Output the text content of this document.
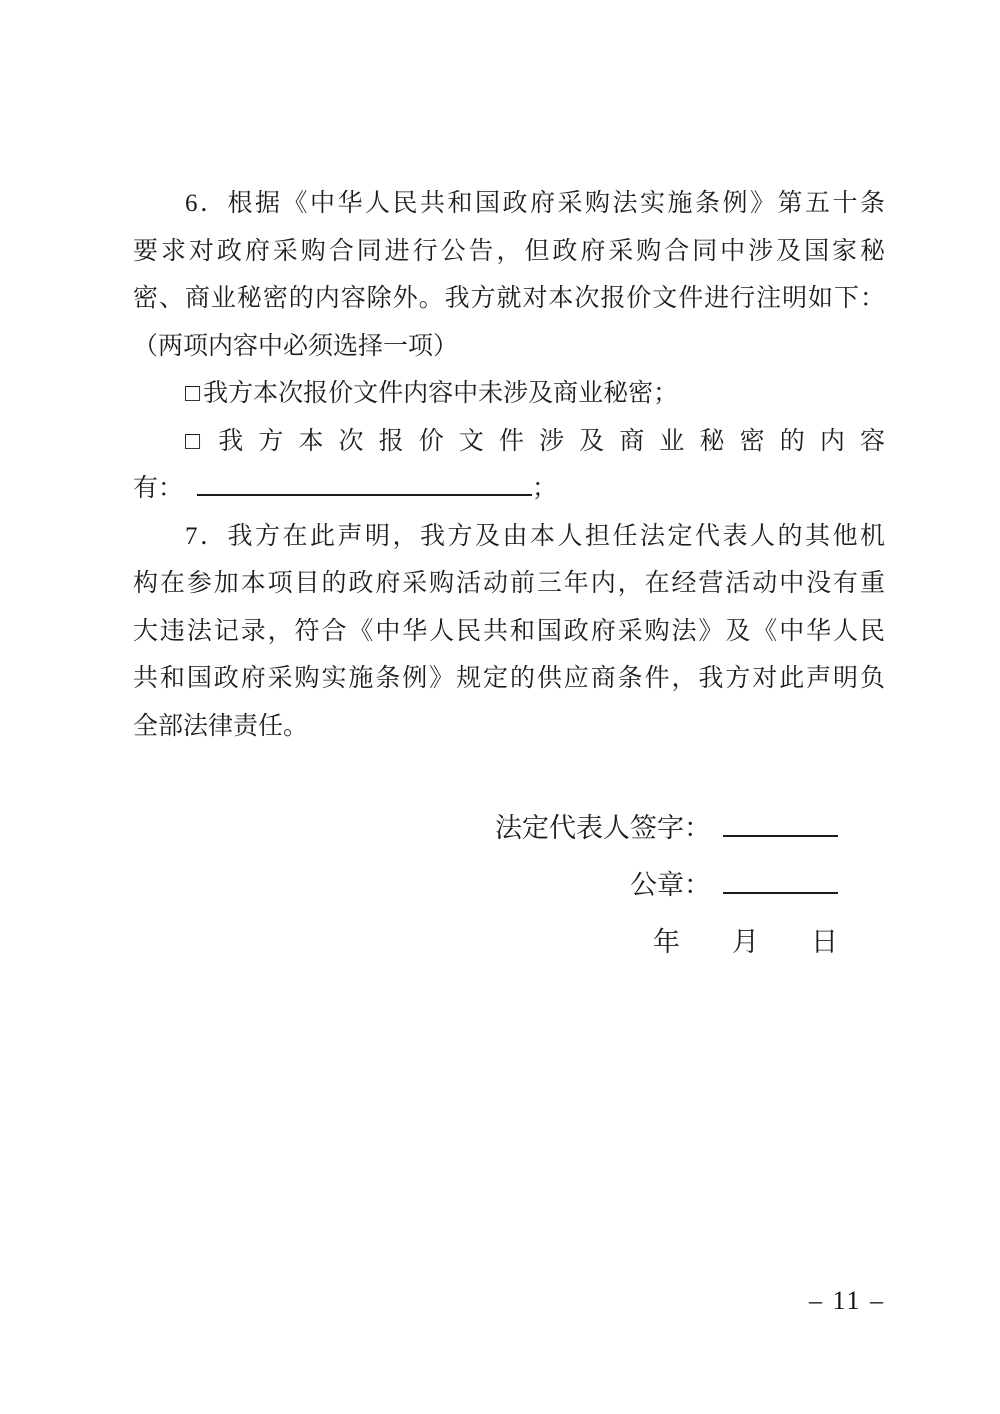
6．根据《中华人民共和国政府采购法实施条例》第五十条
要求对政府采购合同进行公告，但政府采购合同中涉及国家秘
密、商业秘密的内容除外。我方就对本次报价文件进行注明如下：
（两项内容中必须选择一项）
□ 我方本次报价文件内容中未涉及商业秘密；
□ 我方本次报价文件涉及商业秘密的内容
有：	；
7．我方在此声明，我方及由本人担任法定代表人的其他机
构在参加本项目的政府采购活动前三年内，在经营活动中没有重
大违法记录，符合《中华人民共和国政府采购法》及《中华人民
共和国政府采购实施条例》规定的供应商条件，我方对此声明负
全部法律责任。
法定代表人签字：
公章：
年 月 日
– 11 –
